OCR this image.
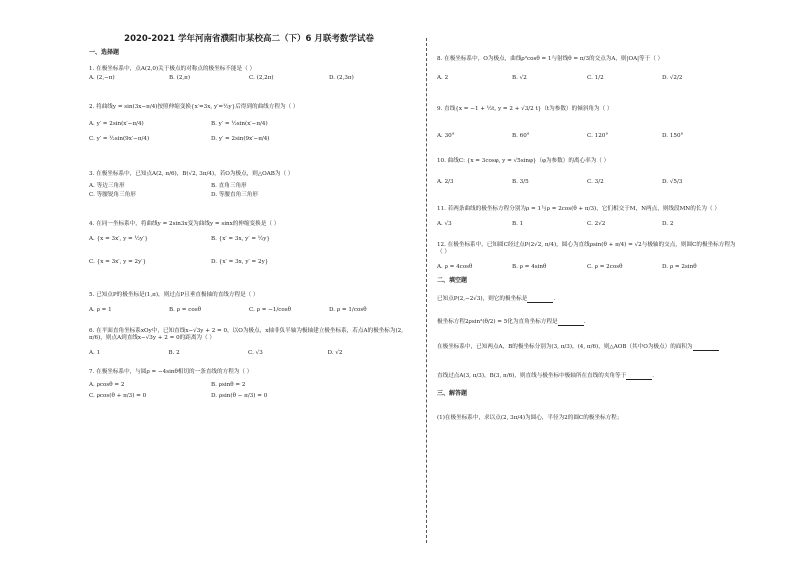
2020-2021 学年河南省濮阳市某校高二（下）6 月联考数学试卷
一、选择题
1. 在极坐标系中，点A(2,0)关于极点的对称点的极坐标不能是（ ）
A. (2,−π)	B. (2,π)	C. (2,2π)	D. (2,3π)
2. 将曲线y = sin(3x−π/4)按照伸缩变换{x′=3x, y′=½y}后得到的曲线方程为（ ）
A. y′ = 2sin(x′−π/4)	B. y′ = ½sin(x′−π/4)
C. y′ = ½sin(9x′−π/4)	D. y′ = 2sin(9x′−π/4)
3. 在极坐标系中，已知点A(2, π/6)，B(√2, 3π/4)，若O为极点，则△OAB为（ ）
A. 等边三角形	B. 直角三角形
C. 等腰锐角三角形	D. 等腰直角三角形
4. 在同一坐标系中，将曲线y = 2sin3x变为曲线y = sinx的伸缩变换是（ ）
A. {x = 3x′, y = ½y′}	B. {x′ = 3x, y′ = ½y}
C. {x = 3x′, y = 2y′}	D. {x′ = 3x, y′ = 2y}
5. 已知点P的极坐标是(1,π)，则过点P且垂直极轴的直线方程是（ ）
A. ρ = 1	B. ρ = cosθ	C. ρ = −1/cosθ	D. ρ = 1/cosθ
6. 在平面直角坐标系xOy中，已知直线x−√3y + 2 = 0，以O为极点，x轴非负半轴为极轴建立极坐标系，若点A的极坐标为(2, π/6)，则点A到直线x−√3y + 2 = 0的距离为（ ）
A. 1	B. 2	C. √3	D. √2
7. 在极坐标系中，与圆ρ = −4sinθ相切的一条直线的方程为（ ）
A. ρcosθ = 2	B. ρsinθ = 2
C. ρcos(θ + π/3) = 0	D. ρsin(θ − π/3) = 0
8. 在极坐标系中，O为极点，曲线ρ²cosθ = 1与射线θ = π/3的交点为A，则|OA|等于（ ）
A. 2	B. √2	C. 1/2	D. √2/2
9. 直线{x = −1 + ½t, y = 2 + √3/2 t}（t为参数）的倾斜角为（ ）
A. 30°	B. 60°	C. 120°	D. 150°
10. 曲线C: {x = 3cosφ, y = √5sinφ}（φ为参数）的离心率为（ ）
A. 2/3	B. 3/5	C. 3/2	D. √5/3
11. 若两条曲线的极坐标方程分别为ρ = 1与ρ = 2cos(θ + π/3)，它们相交于M，N两点，则线段MN的长为（ ）
A. √3	B. 1	C. 2√2	D. 2
12. 在极坐标系中，已知圆C经过点P(2√2, π/4)，圆心为直线ρsin(θ + π/4) = √2与极轴的交点，则圆C的极坐标方程为（ ）
A. ρ = 4cosθ	B. ρ = 4sinθ	C. ρ = 2cosθ	D. ρ = 2sinθ
二、填空题
已知点P(2,−2√3)，则它的极坐标是	.
极坐标方程2ρsin²(θ/2) = 5化为直角坐标方程是	.
在极坐标系中，已知两点A，B的极坐标分别为(3, π/3)，(4, π/6)，则△AOB（其中O为极点）的面积为
直线过点A(3, π/3)，B(3, π/6)，则直线与极坐标中极轴所在直线的夹角等于	.
三、解答题
(1)在极坐标系中，求以点(2, 3π/4)为圆心，半径为2的圆C的极坐标方程；
